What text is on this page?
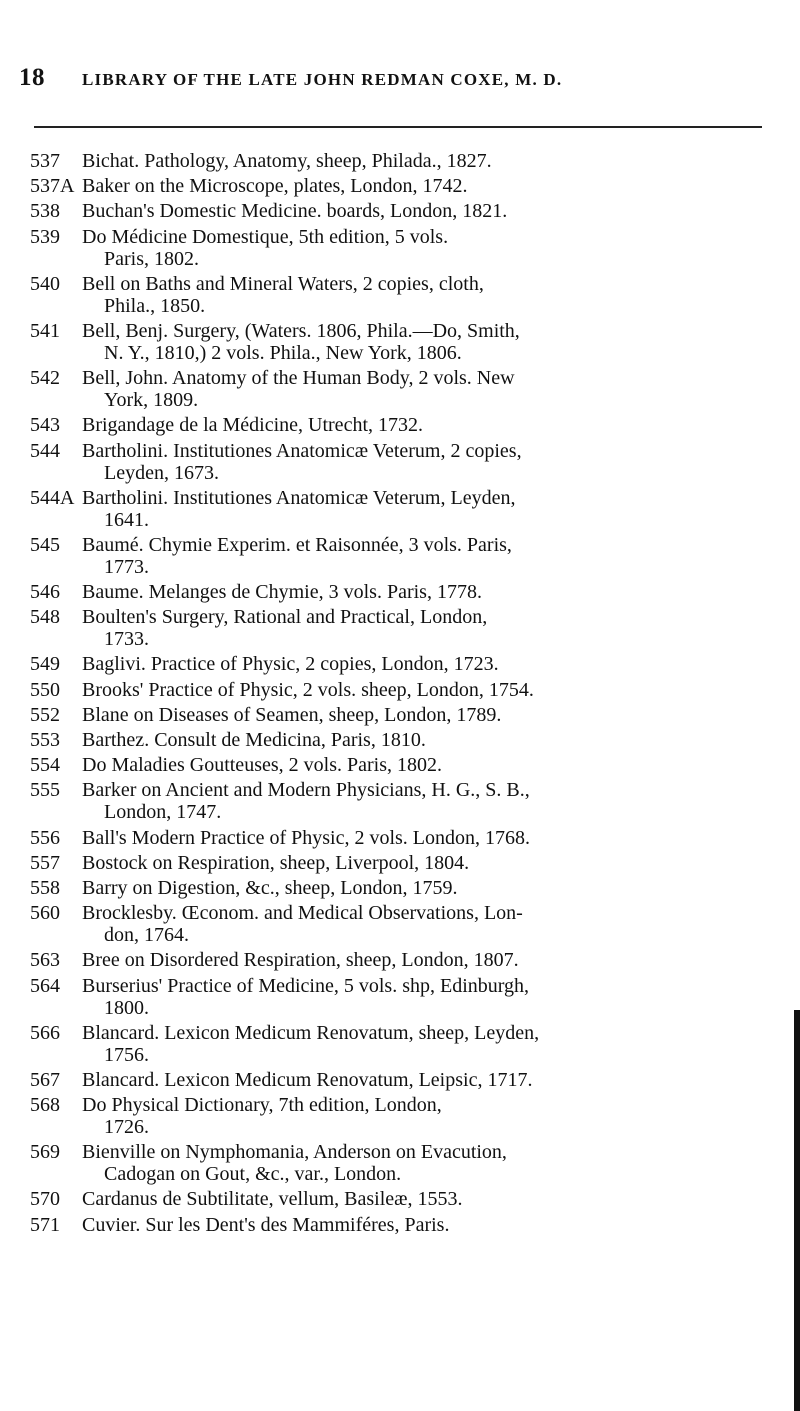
18 LIBRARY OF THE LATE JOHN REDMAN COXE, M. D.
537	Bichat. Pathology, Anatomy, sheep, Philada., 1827.
537A Baker on the Microscope, plates, London, 1742.
538	Buchan's Domestic Medicine. boards, London, 1821.
539	Do Médicine Domestique, 5th edition, 5 vols.
Paris, 1802.
540	Bell on Baths and Mineral Waters, 2 copies, cloth,
Phila., 1850.
541	Bell, Benj. Surgery, (Waters. 1806, Phila.—Do, Smith,
N. Y., 1810,) 2 vols. Phila., New York, 1806.
542	Bell, John. Anatomy of the Human Body, 2 vols. New
York, 1809.
543	Brigandage de la Médicine, Utrecht, 1732.
544	Bartholini. Institutiones Anatomicæ Veterum, 2 copies,
Leyden, 1673.
544A Bartholini. Institutiones Anatomicæ Veterum, Leyden,
1641.
545	Baumé. Chymie Experim. et Raisonnée, 3 vols. Paris,
1773.
546	Baume. Melanges de Chymie, 3 vols. Paris, 1778.
548	Boulten's Surgery, Rational and Practical, London,
1733.
549	Baglivi. Practice of Physic, 2 copies, London, 1723.
550	Brooks' Practice of Physic, 2 vols. sheep, London, 1754.
552	Blane on Diseases of Seamen, sheep, London, 1789.
553	Barthez. Consult de Medicina, Paris, 1810.
554	Do Maladies Goutteuses, 2 vols. Paris, 1802.
555	Barker on Ancient and Modern Physicians, H. G., S. B.,
London, 1747.
556	Ball's Modern Practice of Physic, 2 vols. London, 1768.
557	Bostock on Respiration, sheep, Liverpool, 1804.
558	Barry on Digestion, &c., sheep, London, 1759.
560	Brocklesby. Œconom. and Medical Observations, Lon-
don, 1764.
563	Bree on Disordered Respiration, sheep, London, 1807.
564	Burserius' Practice of Medicine, 5 vols. shp, Edinburgh,
1800.
566	Blancard. Lexicon Medicum Renovatum, sheep, Leyden,
1756.
567	Blancard. Lexicon Medicum Renovatum, Leipsic, 1717.
568	Do Physical Dictionary, 7th edition, London,
1726.
569	Bienville on Nymphomania, Anderson on Evacution,
Cadogan on Gout, &c., var., London.
570	Cardanus de Subtilitate, vellum, Basileæ, 1553.
571	Cuvier. Sur les Dent's des Mammiféres, Paris.
